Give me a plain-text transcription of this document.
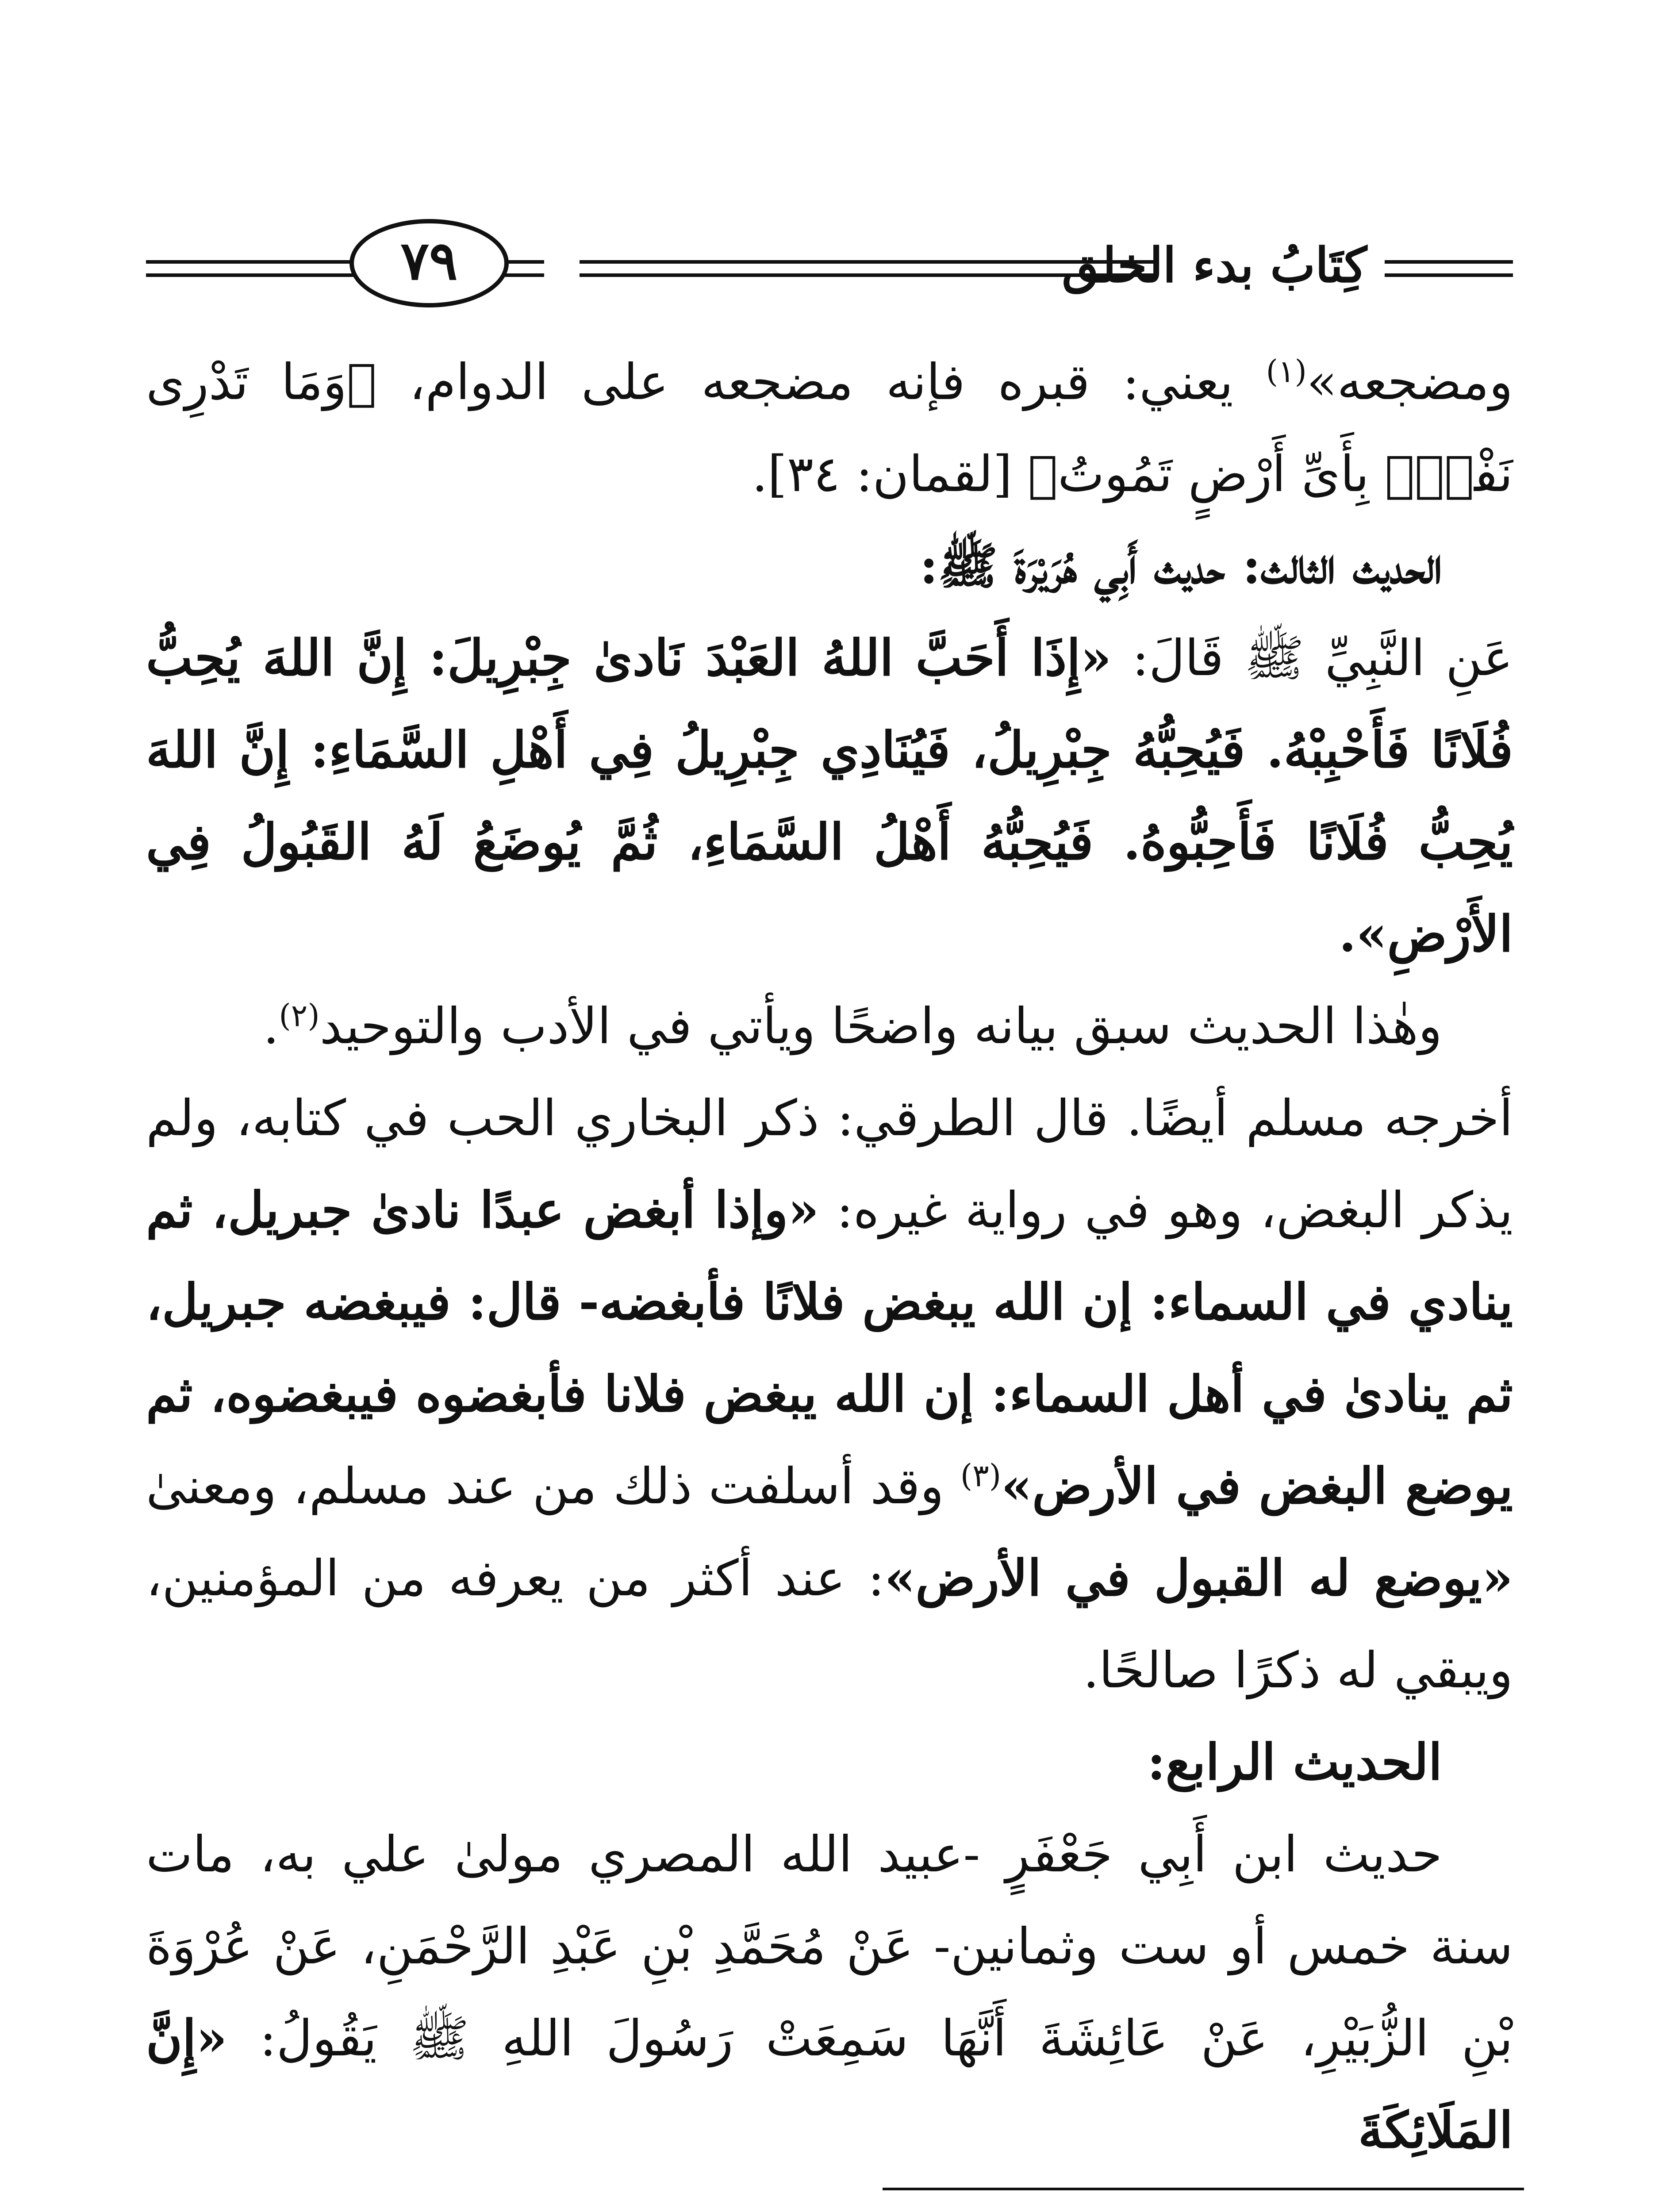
كِتَابُ بدء الخلق
٧٩

ومضجعه»$^{(١)}$ يعني: قبره فإنه مضجعه على الدوام، ﴿وَمَا تَدْرِى نَفْسٌۢ بِأَىِّ أَرْضٍ تَمُوتُ﴾ [لقمان: ٣٤].

الحديث الثالث: حديث أَبِي هُرَيْرَةَ ﷺ:

عَنِ النَّبِيِّ ﷺ قَالَ: «إِذَا أَحَبَّ اللهُ العَبْدَ نَادىٰ جِبْرِيلَ: إِنَّ اللهَ يُحِبُّ فُلَانًا فَأَحْبِبْهُ. فَيُحِبُّهُ جِبْرِيلُ، فَيُنَادِي جِبْرِيلُ فِي أَهْلِ السَّمَاءِ: إِنَّ اللهَ يُحِبُّ فُلَانًا فَأَحِبُّوهُ. فَيُحِبُّهُ أَهْلُ السَّمَاءِ، ثُمَّ يُوضَعُ لَهُ القَبُولُ فِي الأَرْضِ».

وهٰذا الحديث سبق بيانه واضحًا ويأتي في الأدب والتوحيد$^{(٢)}$.

أخرجه مسلم أيضًا. قال الطرقي: ذكر البخاري الحب في كتابه، ولم يذكر البغض، وهو في رواية غيره: «وإذا أبغض عبدًا نادىٰ جبريل، ثم ينادي في السماء: إن الله يبغض فلانًا فأبغضه- قال: فيبغضه جبريل، ثم ينادىٰ في أهل السماء: إن الله يبغض فلانا فأبغضوه فيبغضوه، ثم يوضع البغض في الأرض»$^{(٣)}$ وقد أسلفت ذلك من عند مسلم، ومعنىٰ «يوضع له القبول في الأرض»: عند أكثر من يعرفه من المؤمنين، ويبقي له ذكرًا صالحًا.

الحديث الرابع:

حديث ابن أَبِي جَعْفَرٍ -عبيد الله المصري مولىٰ علي به، مات سنة خمس أو ست وثمانين- عَنْ مُحَمَّدِ بْنِ عَبْدِ الرَّحْمَنِ، عَنْ عُرْوَةَ بْنِ الزُّبَيْرِ، عَنْ عَائِشَةَ أَنَّهَا سَمِعَتْ رَسُولَ اللهِ ﷺ يَقُولُ: «إِنَّ المَلَائِكَةَ
